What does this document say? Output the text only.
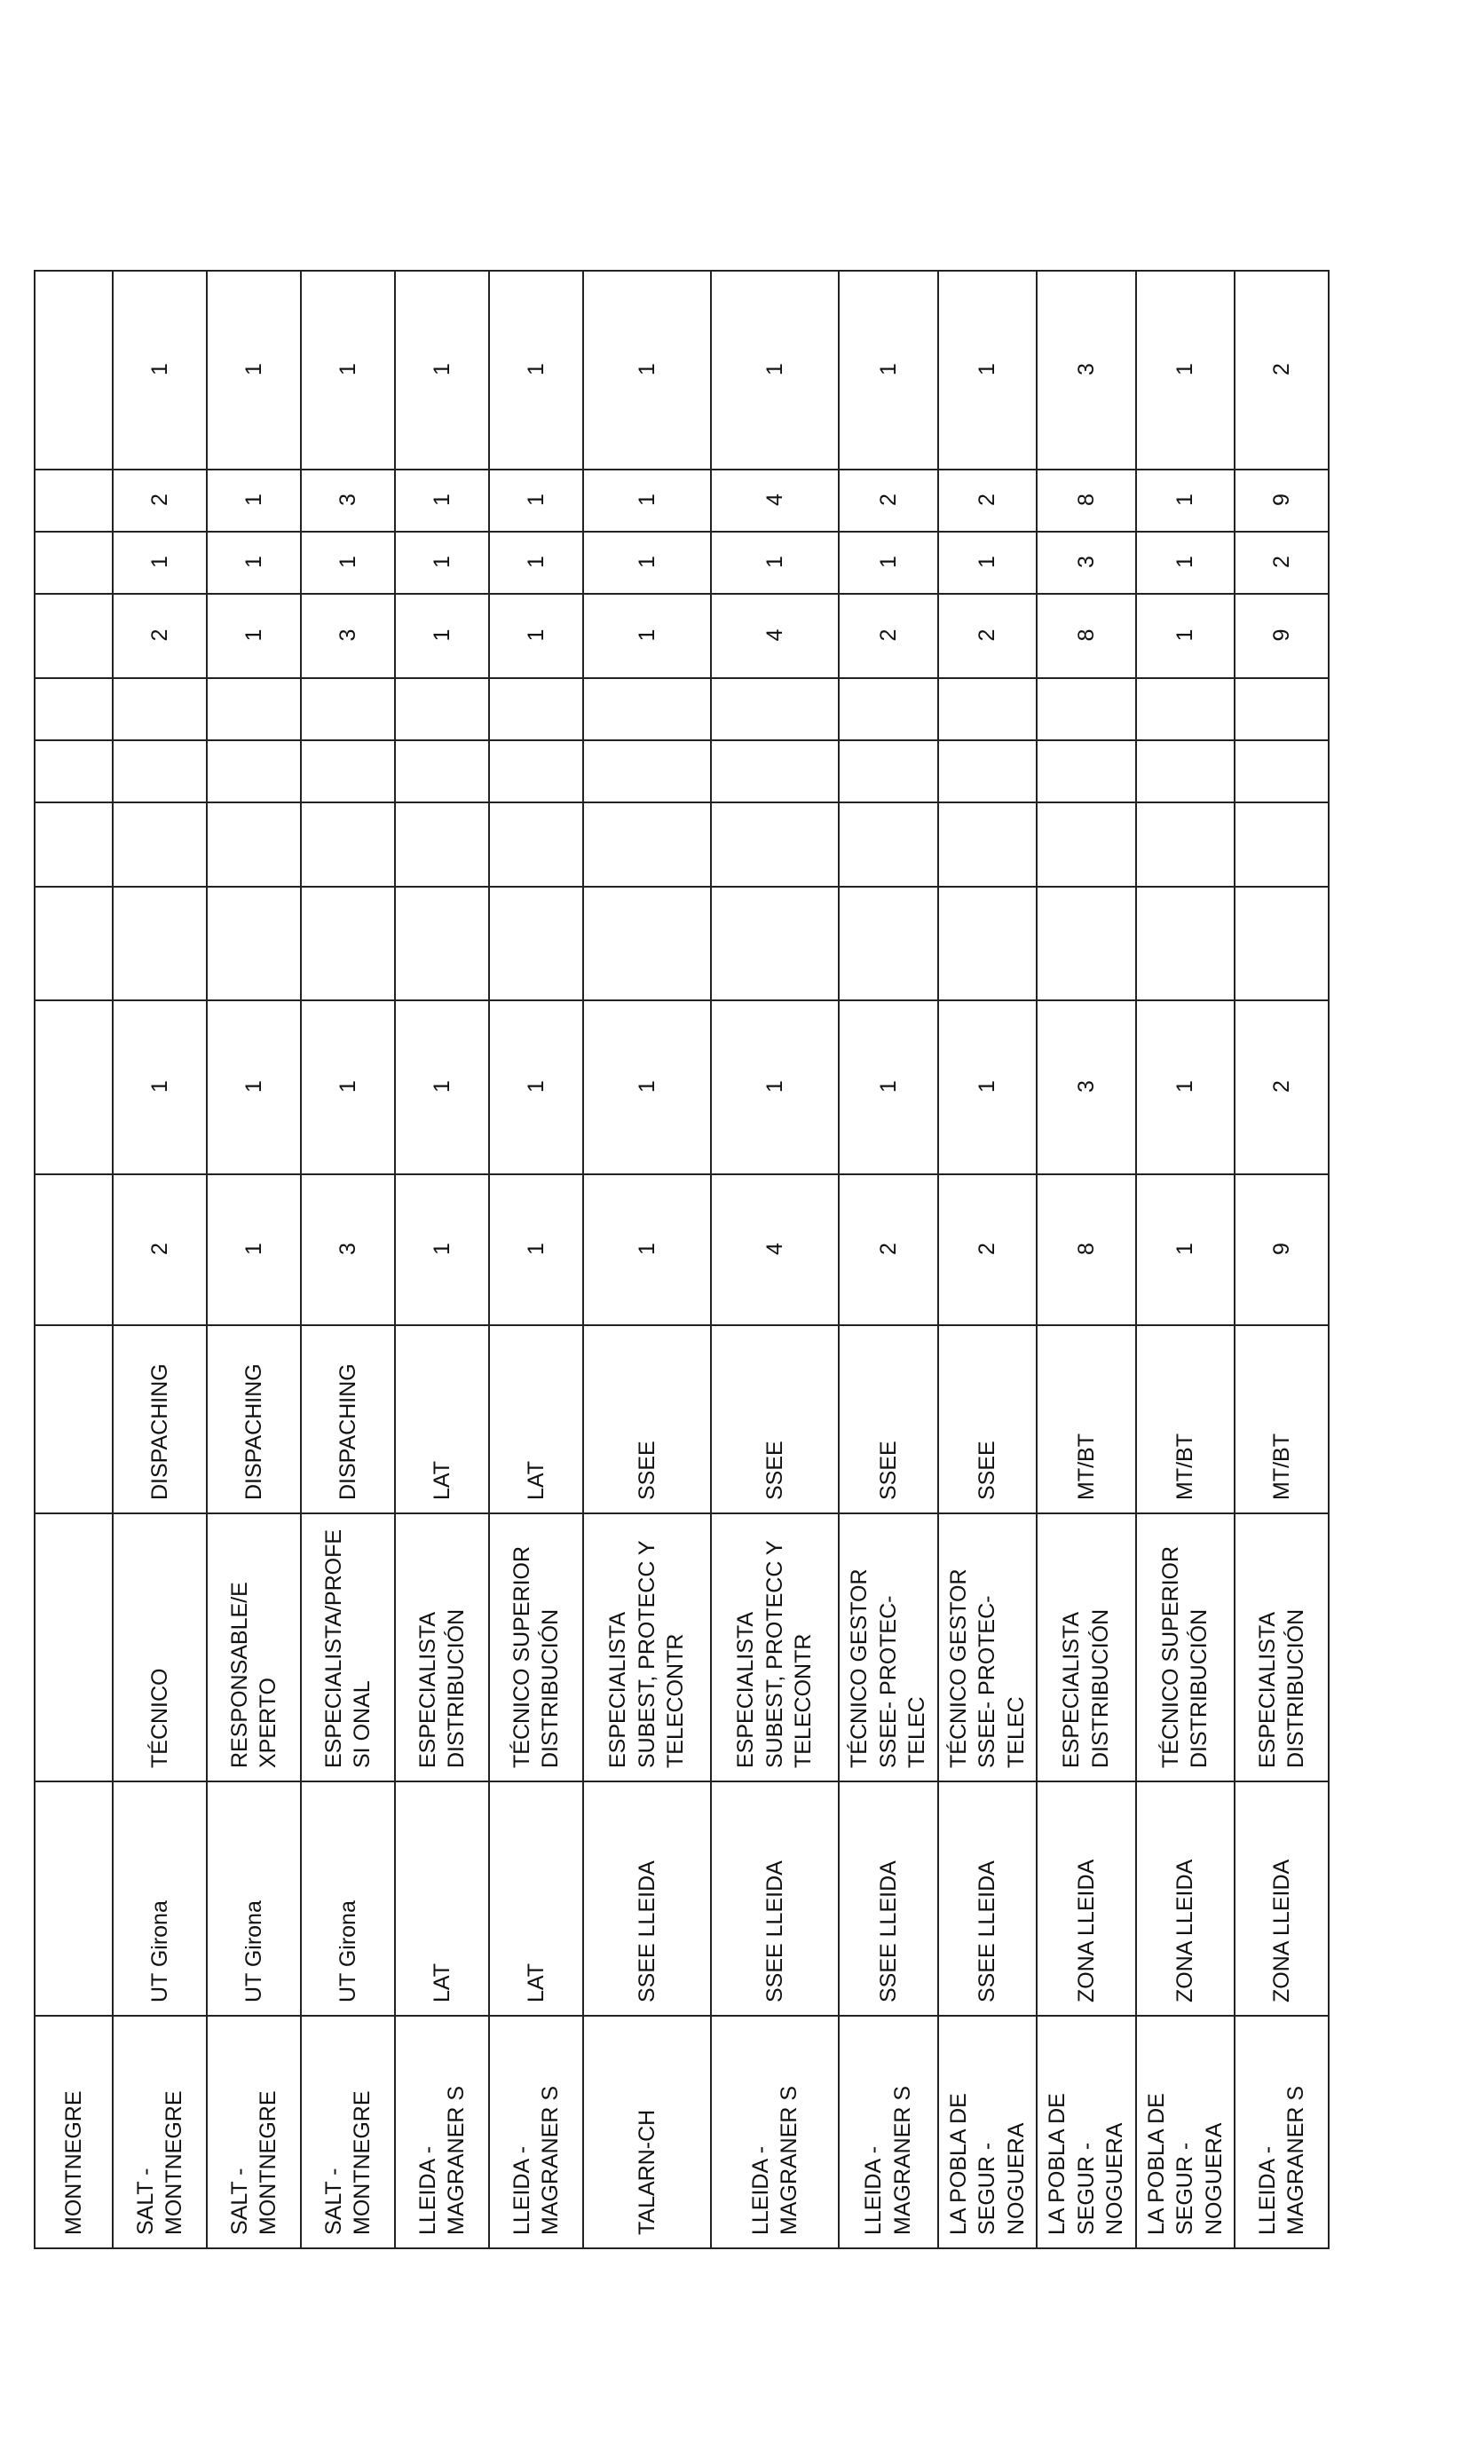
MONTNEGRE													
SALT - MONTNEGRE	UT Girona	TÉCNICO	DISPACHING	2	1					2	1	2	1
SALT - MONTNEGRE	UT Girona	RESPONSABLE/E XPERTO	DISPACHING	1	1					1	1	1	1
SALT - MONTNEGRE	UT Girona	ESPECIALISTA/PROFESI ONAL	DISPACHING	3	1					3	1	3	1
LLEIDA - MAGRANER S	LAT	ESPECIALISTA DISTRIBUCIÓN	LAT	1	1					1	1	1	1
LLEIDA - MAGRANER S	LAT	TÉCNICO SUPERIOR DISTRIBUCIÓN	LAT	1	1					1	1	1	1
TALARN-CH	SSEE LLEIDA	ESPECIALISTA SUBEST, PROTECC Y TELECONTR	SSEE	1	1					1	1	1	1
LLEIDA - MAGRANER S	SSEE LLEIDA	ESPECIALISTA SUBEST, PROTECC Y TELECONTR	SSEE	4	1					4	1	4	1
LLEIDA - MAGRANER S	SSEE LLEIDA	TÉCNICO GESTOR SSEE- PROTEC-TELEC	SSEE	2	1					2	1	2	1
LA POBLA DE SEGUR - NOGUERA	SSEE LLEIDA	TÉCNICO GESTOR SSEE- PROTEC-TELEC	SSEE	2	1					2	1	2	1
LA POBLA DE SEGUR - NOGUERA	ZONA LLEIDA	ESPECIALISTA DISTRIBUCIÓN	MT/BT	8	3					8	3	8	3
LA POBLA DE SEGUR - NOGUERA	ZONA LLEIDA	TÉCNICO SUPERIOR DISTRIBUCIÓN	MT/BT	1	1					1	1	1	1
LLEIDA - MAGRANER S	ZONA LLEIDA	ESPECIALISTA DISTRIBUCIÓN	MT/BT	9	2					9	2	9	2
